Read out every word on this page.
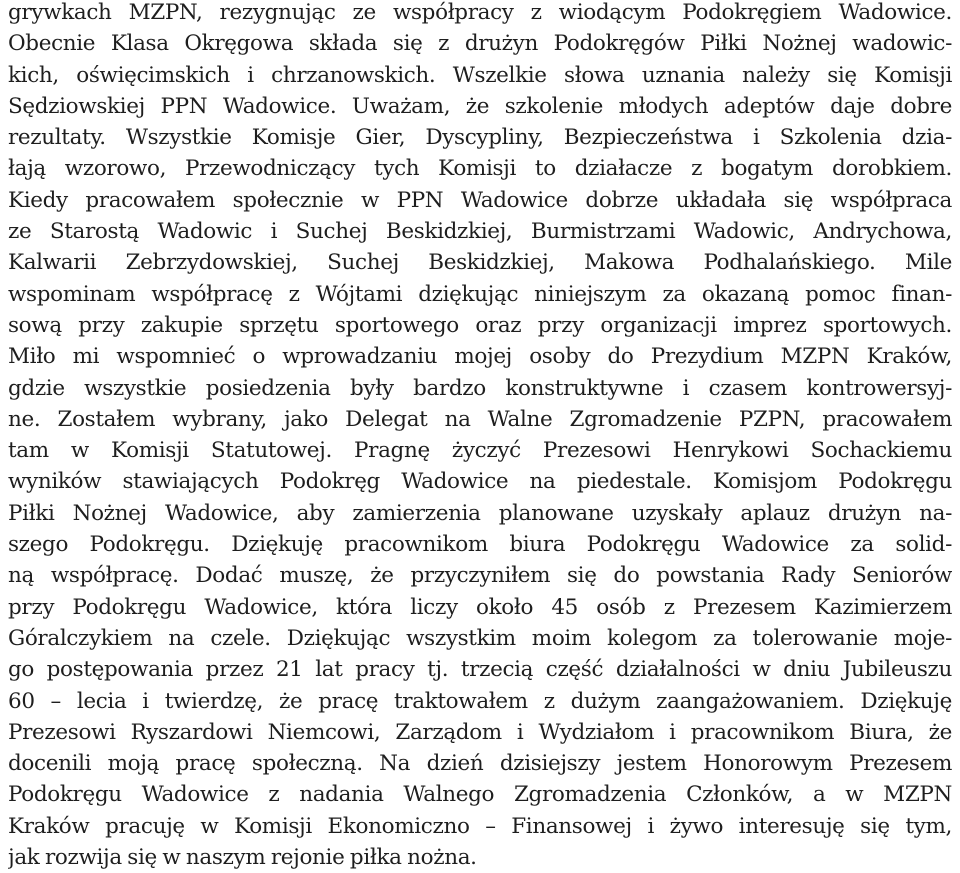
grywkach MZPN, rezygnując ze współpracy z wiodącym Podokręgiem Wadowice.
Obecnie Klasa Okręgowa składa się z drużyn Podokręgów Piłki Nożnej wadowic-
kich, oświęcimskich i chrzanowskich. Wszelkie słowa uznania należy się Komisji
Sędziowskiej PPN Wadowice. Uważam, że szkolenie młodych adeptów daje dobre
rezultaty. Wszystkie Komisje Gier, Dyscypliny, Bezpieczeństwa i Szkolenia dzia-
łają wzorowo, Przewodniczący tych Komisji to działacze z bogatym dorobkiem.
Kiedy pracowałem społecznie w PPN Wadowice dobrze układała się współpraca
ze Starostą Wadowic i Suchej Beskidzkiej, Burmistrzami Wadowic, Andrychowa,
Kalwarii Zebrzydowskiej, Suchej Beskidzkiej, Makowa Podhalańskiego. Mile
wspominam współpracę z Wójtami dziękując niniejszym za okazaną pomoc finan-
sową przy zakupie sprzętu sportowego oraz przy organizacji imprez sportowych.
Miło mi wspomnieć o wprowadzaniu mojej osoby do Prezydium MZPN Kraków,
gdzie wszystkie posiedzenia były bardzo konstruktywne i czasem kontrowersyj-
ne. Zostałem wybrany, jako Delegat na Walne Zgromadzenie PZPN, pracowałem
tam w Komisji Statutowej. Pragnę życzyć Prezesowi Henrykowi Sochackiemu
wyników stawiających Podokręg Wadowice na piedestale. Komisjom Podokręgu
Piłki Nożnej Wadowice, aby zamierzenia planowane uzyskały aplauz drużyn na-
szego Podokręgu. Dziękuję pracownikom biura Podokręgu Wadowice za solid-
ną współpracę. Dodać muszę, że przyczyniłem się do powstania Rady Seniorów
przy Podokręgu Wadowice, która liczy około 45 osób z Prezesem Kazimierzem
Góralczykiem na czele. Dziękując wszystkim moim kolegom za tolerowanie moje-
go postępowania przez 21 lat pracy tj. trzecią część działalności w dniu Jubileuszu
60 – lecia i twierdzę, że pracę traktowałem z dużym zaangażowaniem. Dziękuję
Prezesowi Ryszardowi Niemcowi, Zarządom i Wydziałom i pracownikom Biura, że
docenili moją pracę społeczną. Na dzień dzisiejszy jestem Honorowym Prezesem
Podokręgu Wadowice z nadania Walnego Zgromadzenia Członków, a w MZPN
Kraków pracuję w Komisji Ekonomiczno – Finansowej i żywo interesuję się tym,
jak rozwija się w naszym rejonie piłka nożna.
